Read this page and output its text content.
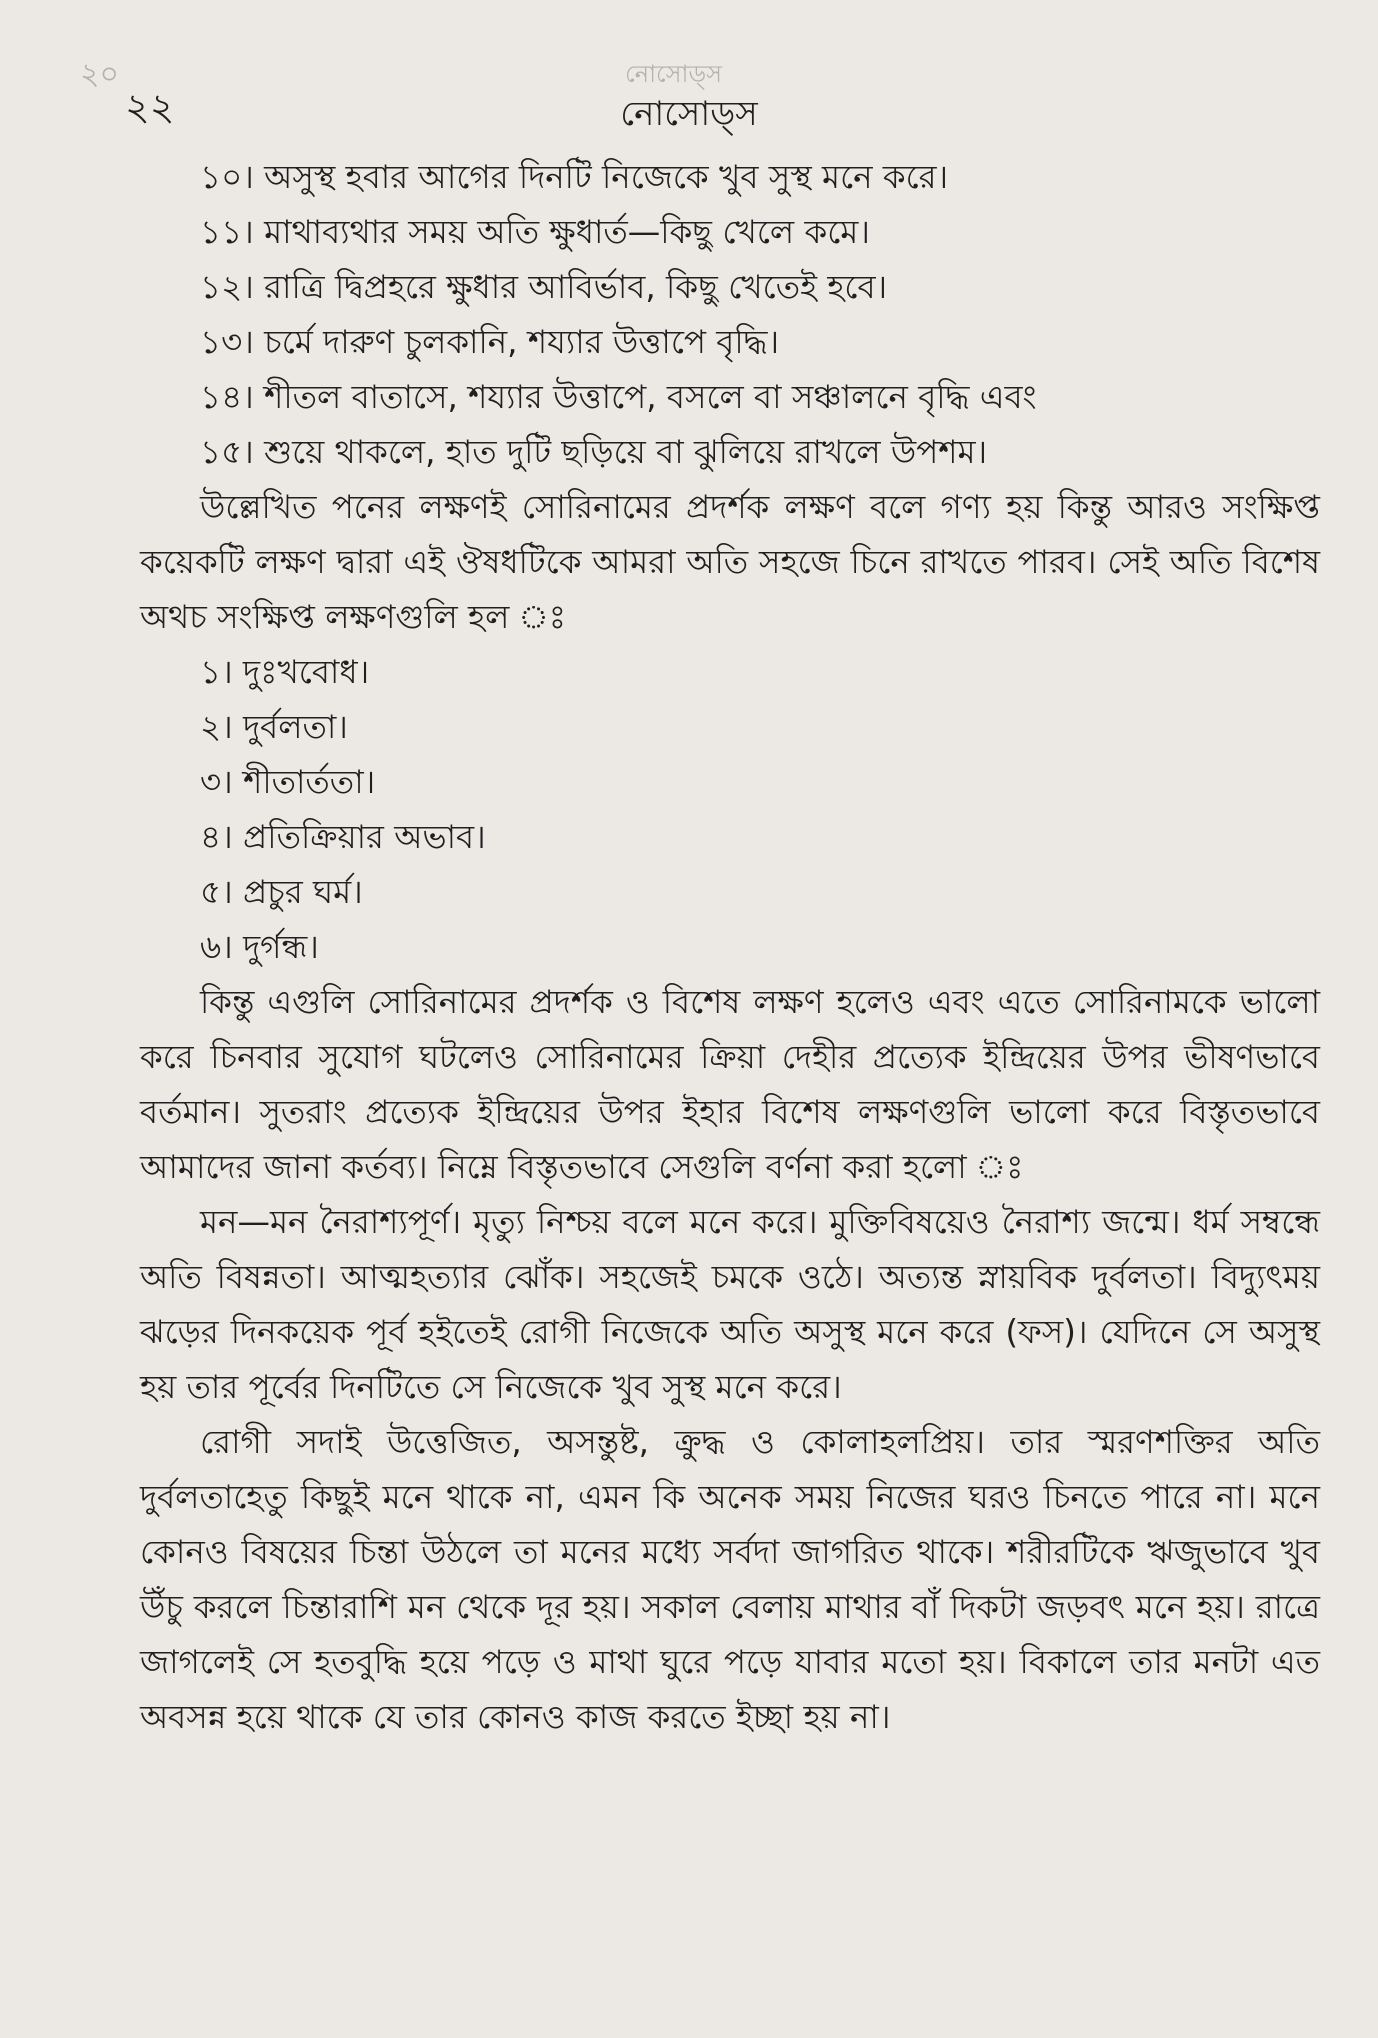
২০	নোসোড্স
২২	নোসোড্স
১০। অসুস্থ হবার আগের দিনটি নিজেকে খুব সুস্থ মনে করে।
১১। মাথাব্যথার সময় অতি ক্ষুধার্ত—কিছু খেলে কমে।
১২। রাত্রি দ্বিপ্রহরে ক্ষুধার আবির্ভাব, কিছু খেতেই হবে।
১৩। চর্মে দারুণ চুলকানি, শয্যার উত্তাপে বৃদ্ধি।
১৪। শীতল বাতাসে, শয্যার উত্তাপে, বসলে বা সঞ্চালনে বৃদ্ধি এবং
১৫। শুয়ে থাকলে, হাত দুটি ছড়িয়ে বা ঝুলিয়ে রাখলে উপশম।
উল্লেখিত পনের লক্ষণই সোরিনামের প্রদর্শক লক্ষণ বলে গণ্য হয় কিন্তু আরও সংক্ষিপ্ত কয়েকটি লক্ষণ দ্বারা এই ঔষধটিকে আমরা অতি সহজে চিনে রাখতে পারব। সেই অতি বিশেষ অথচ সংক্ষিপ্ত লক্ষণগুলি হল ঃ
১। দুঃখবোধ।
২। দুর্বলতা।
৩। শীতার্ততা।
৪। প্রতিক্রিয়ার অভাব।
৫। প্রচুর ঘর্ম।
৬। দুর্গন্ধ।
কিন্তু এগুলি সোরিনামের প্রদর্শক ও বিশেষ লক্ষণ হলেও এবং এতে সোরিনামকে ভালো করে চিনবার সুযোগ ঘটলেও সোরিনামের ক্রিয়া দেহীর প্রত্যেক ইন্দ্রিয়ের উপর ভীষণভাবে বর্তমান। সুতরাং প্রত্যেক ইন্দ্রিয়ের উপর ইহার বিশেষ লক্ষণগুলি ভালো করে বিস্তৃতভাবে আমাদের জানা কর্তব্য। নিম্নে বিস্তৃতভাবে সেগুলি বর্ণনা করা হলো ঃ
মন—মন নৈরাশ্যপূর্ণ। মৃত্যু নিশ্চয় বলে মনে করে। মুক্তিবিষয়েও নৈরাশ্য জন্মে। ধর্ম সম্বন্ধে অতি বিষন্নতা। আত্মহত্যার ঝোঁক। সহজেই চমকে ওঠে। অত্যন্ত স্নায়বিক দুর্বলতা। বিদ্যুৎময় ঝড়ের দিনকয়েক পূর্ব হইতেই রোগী নিজেকে অতি অসুস্থ মনে করে (ফস)। যেদিনে সে অসুস্থ হয় তার পূর্বের দিনটিতে সে নিজেকে খুব সুস্থ মনে করে।
রোগী সদাই উত্তেজিত, অসন্তুষ্ট, ক্রুদ্ধ ও কোলাহলপ্রিয়। তার স্মরণশক্তির অতি দুর্বলতাহেতু কিছুই মনে থাকে না, এমন কি অনেক সময় নিজের ঘরও চিনতে পারে না। মনে কোনও বিষয়ের চিন্তা উঠলে তা মনের মধ্যে সর্বদা জাগরিত থাকে। শরীরটিকে ঋজুভাবে খুব উঁচু করলে চিন্তারাশি মন থেকে দূর হয়। সকাল বেলায় মাথার বাঁ দিকটা জড়বৎ মনে হয়। রাত্রে জাগলেই সে হতবুদ্ধি হয়ে পড়ে ও মাথা ঘুরে পড়ে যাবার মতো হয়। বিকালে তার মনটা এত অবসন্ন হয়ে থাকে যে তার কোনও কাজ করতে ইচ্ছা হয় না।
